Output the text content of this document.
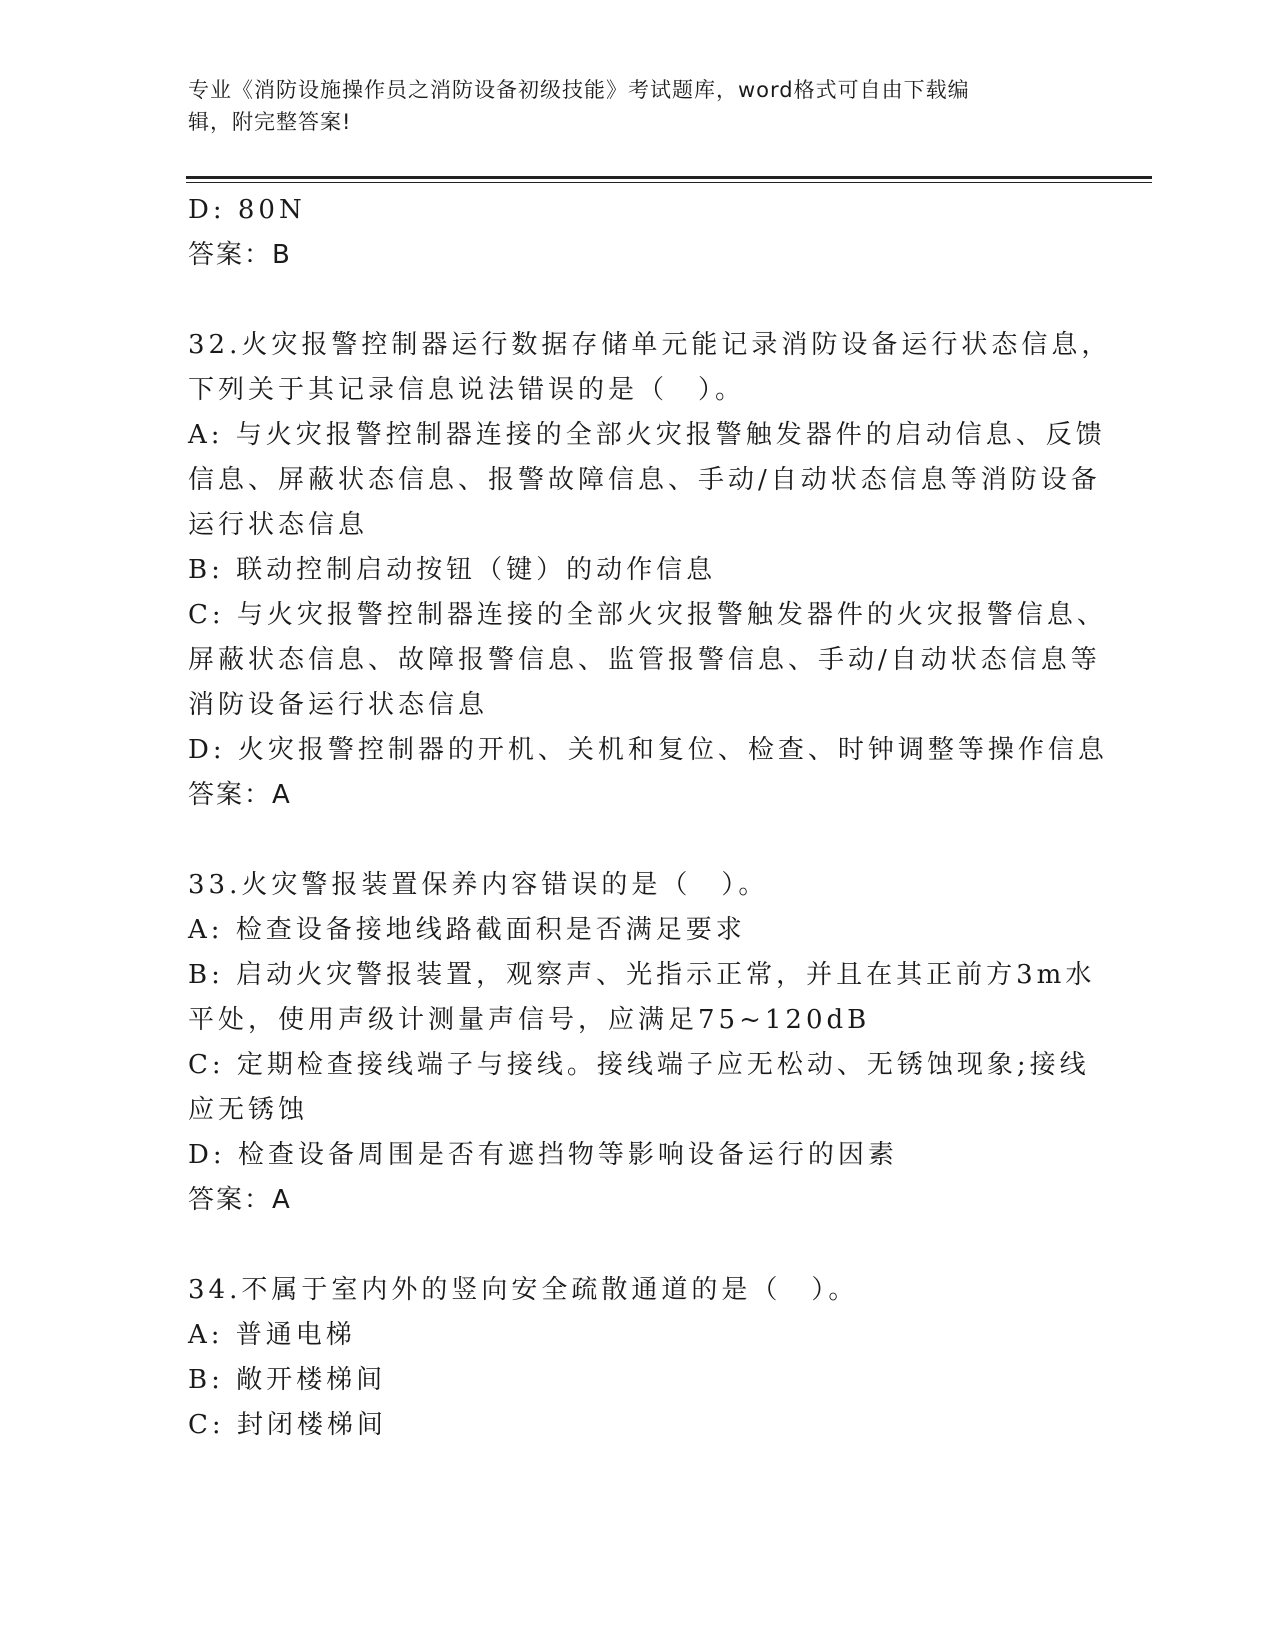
专业《消防设施操作员之消防设备初级技能》考试题库，word格式可自由下载编
辑，附完整答案!
D: 80N
答案：B
32.火灾报警控制器运行数据存储单元能记录消防设备运行状态信息，
下列关于其记录信息说法错误的是（　）。
A: 与火灾报警控制器连接的全部火灾报警触发器件的启动信息、反馈
信息、屏蔽状态信息、报警故障信息、手动/自动状态信息等消防设备
运行状态信息
B: 联动控制启动按钮（键）的动作信息
C: 与火灾报警控制器连接的全部火灾报警触发器件的火灾报警信息、
屏蔽状态信息、故障报警信息、监管报警信息、手动/自动状态信息等
消防设备运行状态信息
D: 火灾报警控制器的开机、关机和复位、检查、时钟调整等操作信息
答案：A
33.火灾警报装置保养内容错误的是（　）。
A: 检查设备接地线路截面积是否满足要求
B: 启动火灾警报装置，观察声、光指示正常，并且在其正前方3m水
平处，使用声级计测量声信号，应满足75~120dB
C: 定期检查接线端子与接线。接线端子应无松动、无锈蚀现象;接线
应无锈蚀
D: 检查设备周围是否有遮挡物等影响设备运行的因素
答案：A
34.不属于室内外的竖向安全疏散通道的是（　）。
A: 普通电梯
B: 敞开楼梯间
C: 封闭楼梯间
